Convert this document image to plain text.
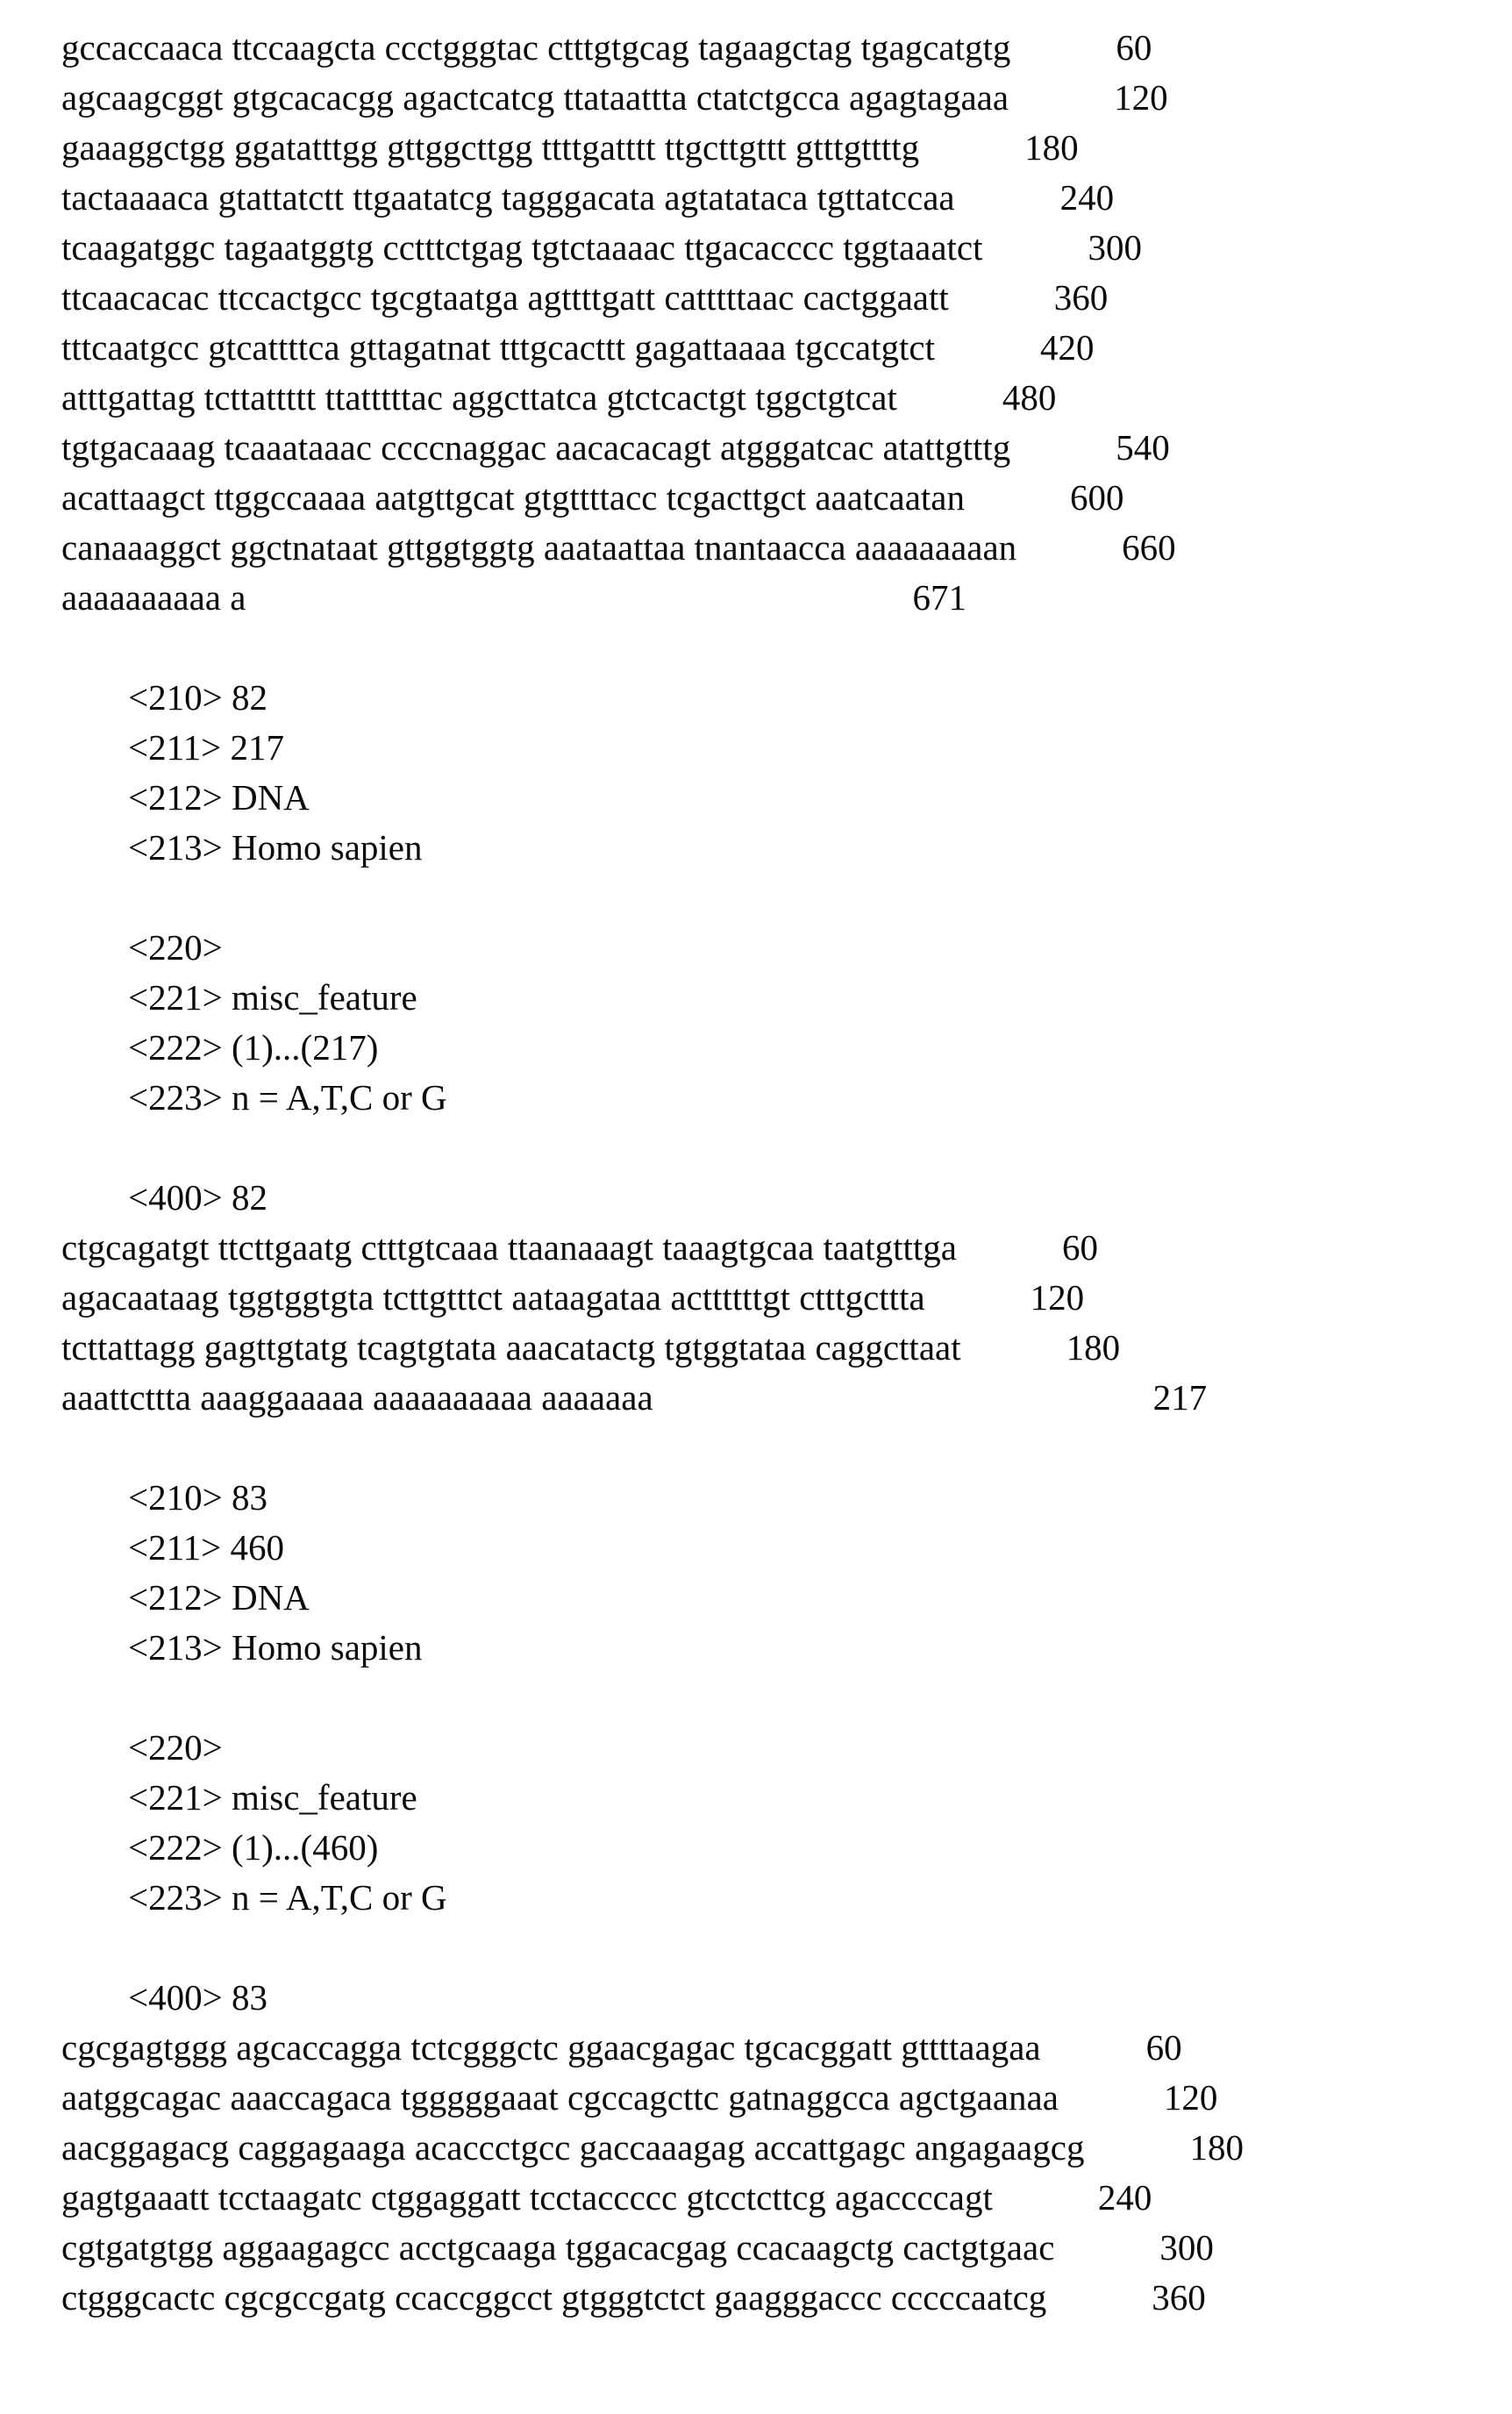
gccaccaaca ttccaagcta ccctgggtac ctttgtgcag tagaagctag tgagcatgtg	60
agcaagcggt gtgcacacgg agactcatcg ttataattta ctatctgcca agagtagaaa	120
gaaaggctgg ggatatttgg gttggcttgg ttttgatttt ttgcttgttt gtttgttttg	180
tactaaaaca gtattatctt ttgaatatcg tagggacata agtatataca tgttatccaa	240
tcaagatggc tagaatggtg cctttctgag tgtctaaaac ttgacacccc tggtaaatct	300
ttcaacacac ttccactgcc tgcgtaatga agttttgatt catttttaac cactggaatt	360
tttcaatgcc gtcattttca gttagatnat tttgcacttt gagattaaaa tgccatgtct	420
atttgattag tcttattttt ttatttttac aggcttatca gtctcactgt tggctgtcat	480
tgtgacaaag tcaaataaac ccccnaggac aacacacagt atgggatcac atattgtttg	540
acattaagct ttggccaaaa aatgttgcat gtgttttacc tcgacttgct aaatcaatan	600
canaaaggct ggctnataat gttggtggtg aaataattaa tnantaacca aaaaaaaaan	660
aaaaaaaaaa a	671
<210> 82
<211> 217
<212> DNA
<213> Homo sapien
<220>
<221> misc_feature
<222> (1)...(217)
<223> n = A,T,C or G
<400> 82
ctgcagatgt ttcttgaatg ctttgtcaaa ttaanaaagt taaagtgcaa taatgtttga	60
agacaataag tggtggtgta tcttgtttct aataagataa acttttttgt ctttgcttta	120
tcttattagg gagttgtatg tcagtgtata aaacatactg tgtggtataa caggcttaat	180
aaattcttta aaaggaaaaa aaaaaaaaaa aaaaaaa	217
<210> 83
<211> 460
<212> DNA
<213> Homo sapien
<220>
<221> misc_feature
<222> (1)...(460)
<223> n = A,T,C or G
<400> 83
cgcgagtggg agcaccagga tctcgggctc ggaacgagac tgcacggatt gttttaagaa	60
aatggcagac aaaccagaca tgggggaaat cgccagcttc gatnaggcca agctgaanaa	120
aacggagacg caggagaaga acaccctgcc gaccaaagag accattgagc angagaagcg	180
gagtgaaatt tcctaagatc ctggaggatt tcctaccccc gtcctcttcg agaccccagt	240
cgtgatgtgg aggaagagcc acctgcaaga tggacacgag ccacaagctg cactgtgaac	300
ctgggcactc cgcgccgatg ccaccggcct gtgggtctct gaagggaccc cccccaatcg	360
